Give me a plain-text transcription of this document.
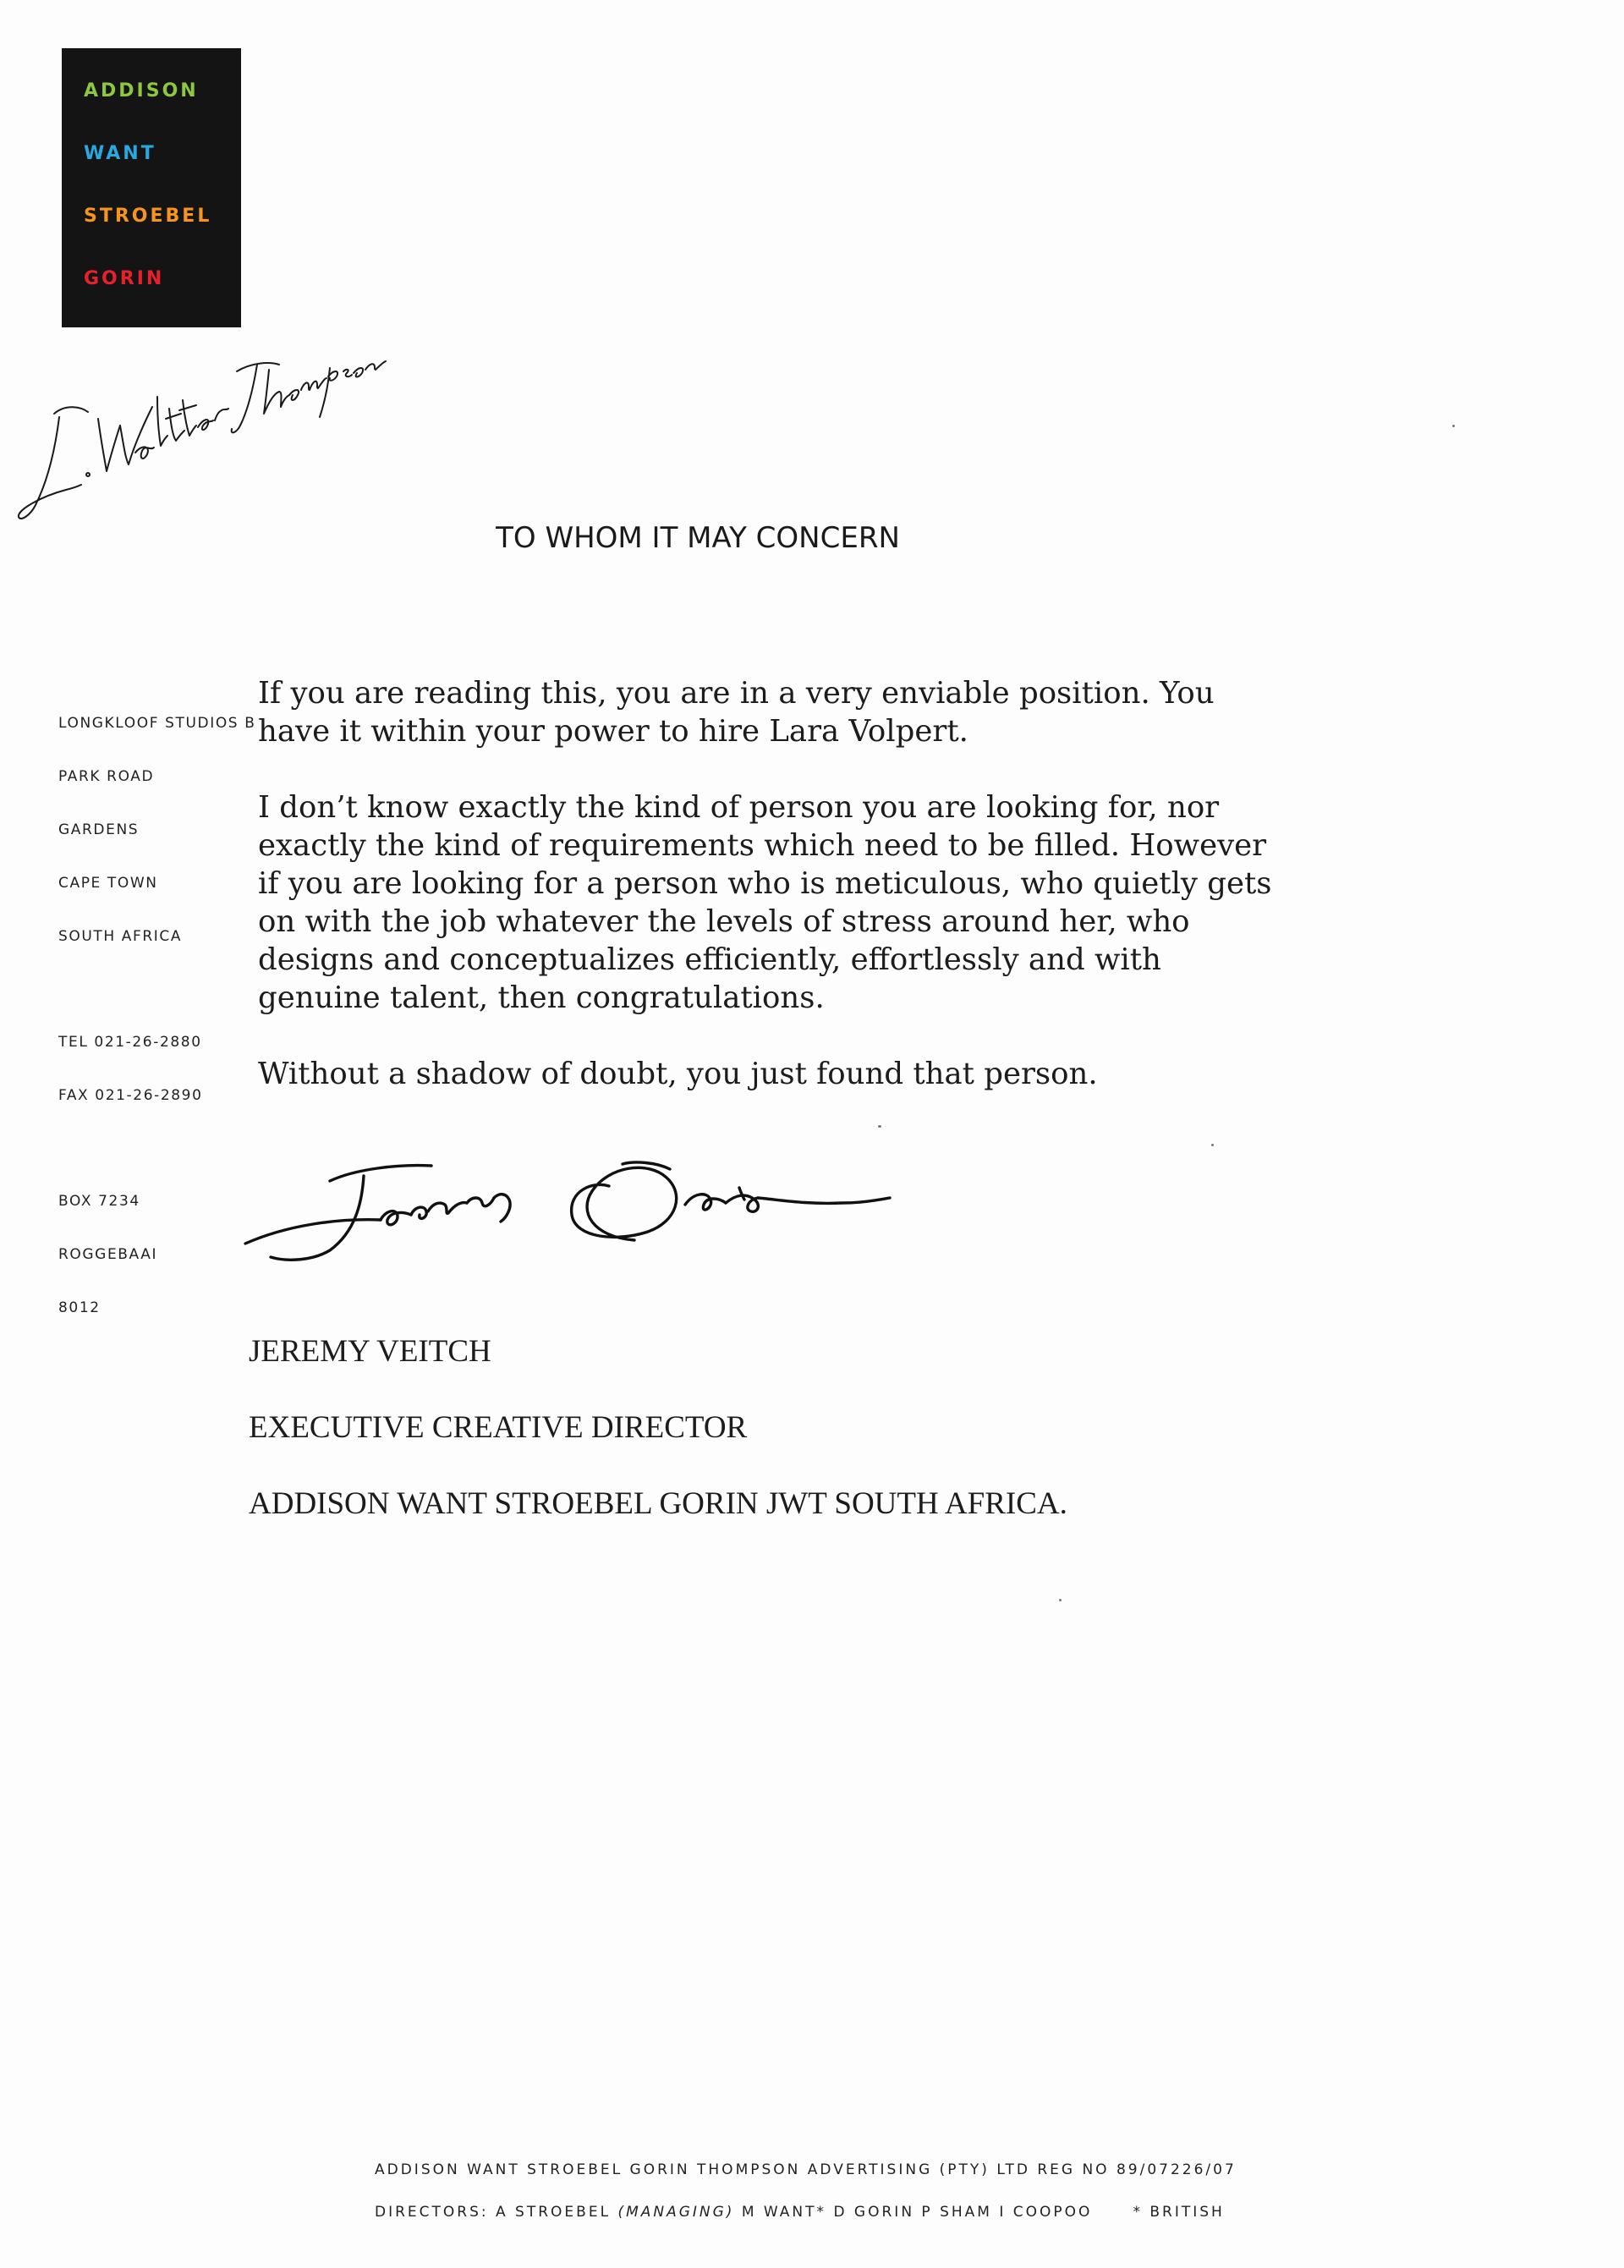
ADDISON
WANT
STROEBEL
GORIN
TO WHOM IT MAY CONCERN
LONGKLOOF STUDIOS B
PARK ROAD
GARDENS
CAPE TOWN
SOUTH AFRICA
TEL 021-26-2880
FAX 021-26-2890
BOX 7234
ROGGEBAAI
8012

If you are reading this, you are in a very enviable position. You
have it within your power to hire Lara Volpert.

I don’t know exactly the kind of person you are looking for, nor
exactly the kind of requirements which need to be filled. However
if you are looking for a person who is meticulous, who quietly gets
on with the job whatever the levels of stress around her, who
designs and conceptualizes efficiently, effortlessly and with
genuine talent, then congratulations.

Without a shadow of doubt, you just found that person.

JEREMY VEITCH
EXECUTIVE CREATIVE DIRECTOR
ADDISON WANT STROEBEL GORIN JWT SOUTH AFRICA.
ADDISON WANT STROEBEL GORIN THOMPSON ADVERTISING (PTY) LTD REG NO 89/07226/07
DIRECTORS: A STROEBEL (MANAGING) M WANT* D GORIN P SHAM I COOPOO	* BRITISH
